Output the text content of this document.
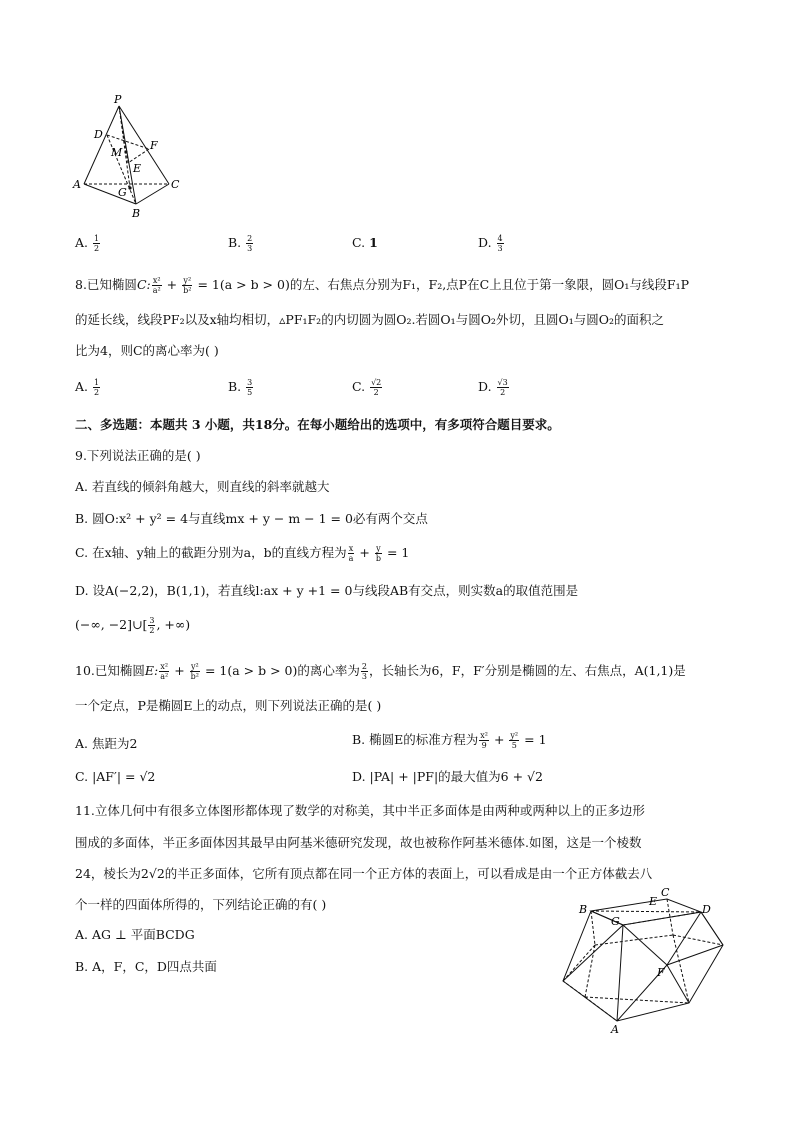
P
D
M
F
E
A
G
C
B
A. $\frac{1}{2}$	B. $\frac{2}{3}$	C. 1	D. $\frac{4}{3}$
8.已知椭圆C: $\frac{\text{x²}}{\text{a²}} + \frac{\text{y²}}{\text{b²}} = 1(a > b > 0)$的左、右焦点分别为F₁，F₂,点P在C上且位于第一象限，圆O₁与线段F₁P
的延长线，线段PF₂以及x轴均相切，▵PF₁F₂的内切圆为圆O₂.若圆O₁与圆O₂外切，且圆O₁与圆O₂的面积之
比为4，则C的离心率为( )
A. $\frac{1}{2}$	B. $\frac{3}{5}$	C. $\frac{√2}{2}$	D. $\frac{√3}{2}$
二、多选题：本题共 3 小题，共18分。在每小题给出的选项中，有多项符合题目要求。
9.下列说法正确的是( )
A. 若直线的倾斜角越大，则直线的斜率就越大
B. 圆O:x² + y² = 4与直线mx + y − m − 1 = 0必有两个交点
C. 在x轴、y轴上的截距分别为a，b的直线方程为 $\frac{x}{a} + \frac{y}{b} = 1$
D. 设A(−2,2)，B(1,1)，若直线l:ax + y +1 = 0与线段AB有交点，则实数a的取值范围是
(−∞, −2]∪[ $\frac{3}{2}$ , +∞)
10.已知椭圆E: $\frac{\text{x²}}{\text{a²}} + \frac{\text{y²}}{\text{b²}} = 1(a > b > 0)$的离心率为 $\frac{2}{3}$ ，长轴长为6，F，F′分别是椭圆的左、右焦点，A(1,1)是
一个定点，P是椭圆E上的动点，则下列说法正确的是( )
A. 焦距为2	B. 椭圆E的标准方程为 $\frac{\text{x²}}{9} + \frac{\text{y²}}{5} = 1$
C. |AF′| = √2	D. |PA| + |PF|的最大值为6 + √2
11.立体几何中有很多立体图形都体现了数学的对称美，其中半正多面体是由两种或两种以上的正多边形
围成的多面体，半正多面体因其最早由阿基米德研究发现，故也被称作阿基米德体.如图，这是一个棱数
24，棱长为2√2的半正多面体，它所有顶点都在同一个正方体的表面上，可以看成是由一个正方体截去八
个一样的四面体所得的，下列结论正确的有( )
A. AG ⊥ 平面BCDG
B. A，F，C，D四点共面
B
E
C
D
G
F
A
